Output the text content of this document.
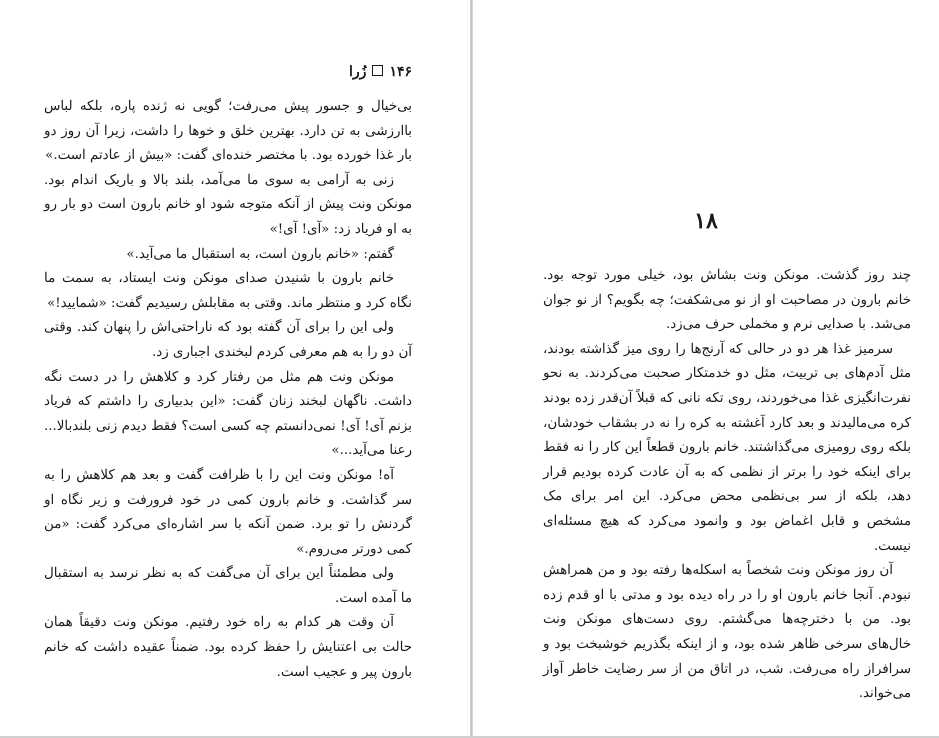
۱۴۶زُرا

بی‌خیال و جسور پیش می‌رفت؛ گویی نه ژنده پاره، بلکه لباس باارزشی به تن دارد. بهترین خلق و خوها را داشت، زیرا آن روز دو بار غذا خورده بود. با مختصر خنده‌ای گفت: «بیش از عادتم است.»

زنی به آرامی به سوی ما می‌آمد، بلند بالا و باریک اندام بود. مونکن ونت پیش از آنکه متوجه شود او خانم بارون است دو بار رو به او فریاد زد: «آی! آی!»

گفتم: «خانم بارون است، به استقبال ما می‌آید.»

خانم بارون با شنیدن صدای مونکن ونت ایستاد، به سمت ما نگاه کرد و منتظر ماند. وقتی به مقابلش رسیدیم گفت: «شمایید!»

ولی این را برای آن گفته بود که ناراحتی‌اش را پنهان کند. وقتی آن دو را به هم معرفی کردم لبخندی اجباری زد.

مونکن ونت هم مثل من رفتار کرد و کلاهش را در دست نگه داشت. ناگهان لبخند زنان گفت: «این بدبیاری را داشتم که فریاد بزنم آی! آی! نمی‌دانستم چه کسی است؟ فقط دیدم زنی بلندبالا... رعنا می‌آید...»

آه! مونکن ونت این را با ظرافت گفت و بعد هم کلاهش را به سر گذاشت. و خانم بارون کمی در خود فرورفت و زیر نگاه او گردنش را تو برد. ضمن آنکه با سر اشاره‌ای می‌کرد گفت: «من کمی دورتر می‌روم.»

ولی مطمئناً این برای آن می‌گفت که به نظر نرسد به استقبال ما آمده است.

آن وقت هر کدام به راه خود رفتیم. مونکن ونت دقیقاً همان حالت بی اعتنایش را حفظ کرده بود. ضمناً عقیده داشت که خانم بارون پیر و عجیب است.

۱۸

چند روز گذشت. مونکن ونت بشاش بود، خیلی مورد توجه بود. خانم بارون در مصاحبت او از نو می‌شکفت؛ چه بگویم؟ از نو جوان می‌شد. با صدایی نرم و مخملی حرف می‌زد.

سرمیز غذا هر دو در حالی که آرنج‌ها را روی میز گذاشته بودند، مثل آدم‌های بی تربیت، مثل دو خدمتکار صحبت می‌کردند. به نحو نفرت‌انگیزی غذا می‌خوردند، روی تکه نانی که قبلاً آن‌قدر زده بودند کره می‌مالیدند و بعد کارد آغشته به کره را نه در بشقاب خودشان، بلکه روی رومیزی می‌گذاشتند. خانم بارون قطعاً این کار را نه فقط برای اینکه خود را برتر از نظمی که به آن عادت کرده بودیم قرار دهد، بلکه از سر بی‌نظمی محض می‌کرد. این امر برای مک مشخص و قابل اغماض بود و وانمود می‌کرد که هیچ مسئله‌ای نیست.

آن روز مونکن ونت شخصاً به اسکله‌ها رفته بود و من همراهش نبودم. آنجا خانم بارون او را در راه دیده بود و مدتی با او قدم زده بود. من با دخترچه‌ها می‌گشتم. روی دست‌های مونکن ونت خال‌های سرخی ظاهر شده بود، و از اینکه بگذریم خوشبخت بود و سرافراز راه می‌رفت. شب، در اتاق من از سر رضایت خاطر آواز می‌خواند.
